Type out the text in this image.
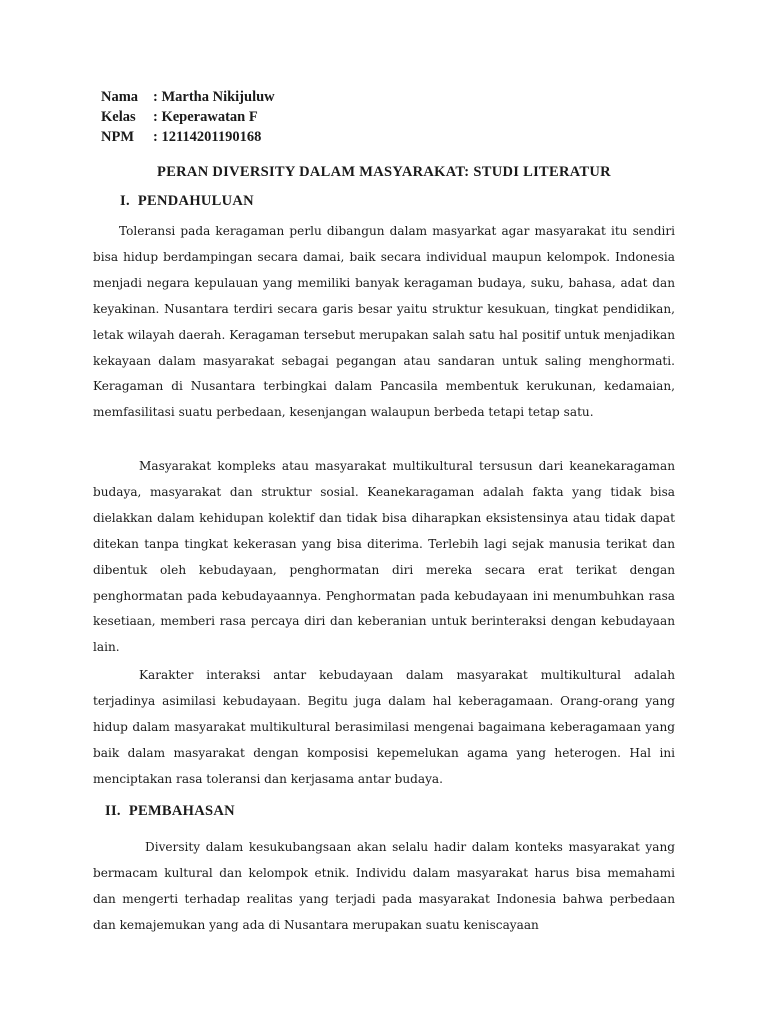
Nama	: Martha Nikijuluw
Kelas	: Keperawatan F
NPM	: 12114201190168
PERAN DIVERSITY DALAM MASYARAKAT: STUDI LITERATUR
I. PENDAHULUAN

Toleransi pada keragaman perlu dibangun dalam masyarkat agar masyarakat itu sendiri bisa hidup berdampingan secara damai, baik secara individual maupun kelompok. Indonesia menjadi negara kepulauan yang memiliki banyak keragaman budaya, suku, bahasa, adat dan keyakinan. Nusantara terdiri secara garis besar yaitu struktur kesukuan, tingkat pendidikan, letak wilayah daerah. Keragaman tersebut merupakan salah satu hal positif untuk menjadikan kekayaan dalam masyarakat sebagai pegangan atau sandaran untuk saling menghormati. Keragaman di Nusantara terbingkai dalam Pancasila membentuk kerukunan, kedamaian, memfasilitasi suatu perbedaan, kesenjangan walaupun berbeda tetapi tetap satu.

Masyarakat kompleks atau masyarakat multikultural tersusun dari keanekaragaman budaya, masyarakat dan struktur sosial. Keanekaragaman adalah fakta yang tidak bisa dielakkan dalam kehidupan kolektif dan tidak bisa diharapkan eksistensinya atau tidak dapat ditekan tanpa tingkat kekerasan yang bisa diterima. Terlebih lagi sejak manusia terikat dan dibentuk oleh kebudayaan, penghormatan diri mereka secara erat terikat dengan penghormatan pada kebudayaannya. Penghormatan pada kebudayaan ini menumbuhkan rasa kesetiaan, memberi rasa percaya diri dan keberanian untuk berinteraksi dengan kebudayaan lain.

Karakter interaksi antar kebudayaan dalam masyarakat multikultural adalah terjadinya asimilasi kebudayaan. Begitu juga dalam hal keberagamaan. Orang-orang yang hidup dalam masyarakat multikultural berasimilasi mengenai bagaimana keberagamaan yang baik dalam masyarakat dengan komposisi kepemelukan agama yang heterogen. Hal ini menciptakan rasa toleransi dan kerjasama antar budaya.

II. PEMBAHASAN

Diversity dalam kesukubangsaan akan selalu hadir dalam konteks masyarakat yang bermacam kultural dan kelompok etnik. Individu dalam masyarakat harus bisa memahami dan mengerti terhadap realitas yang terjadi pada masyarakat Indonesia bahwa perbedaan dan kemajemukan yang ada di Nusantara merupakan suatu keniscayaan
